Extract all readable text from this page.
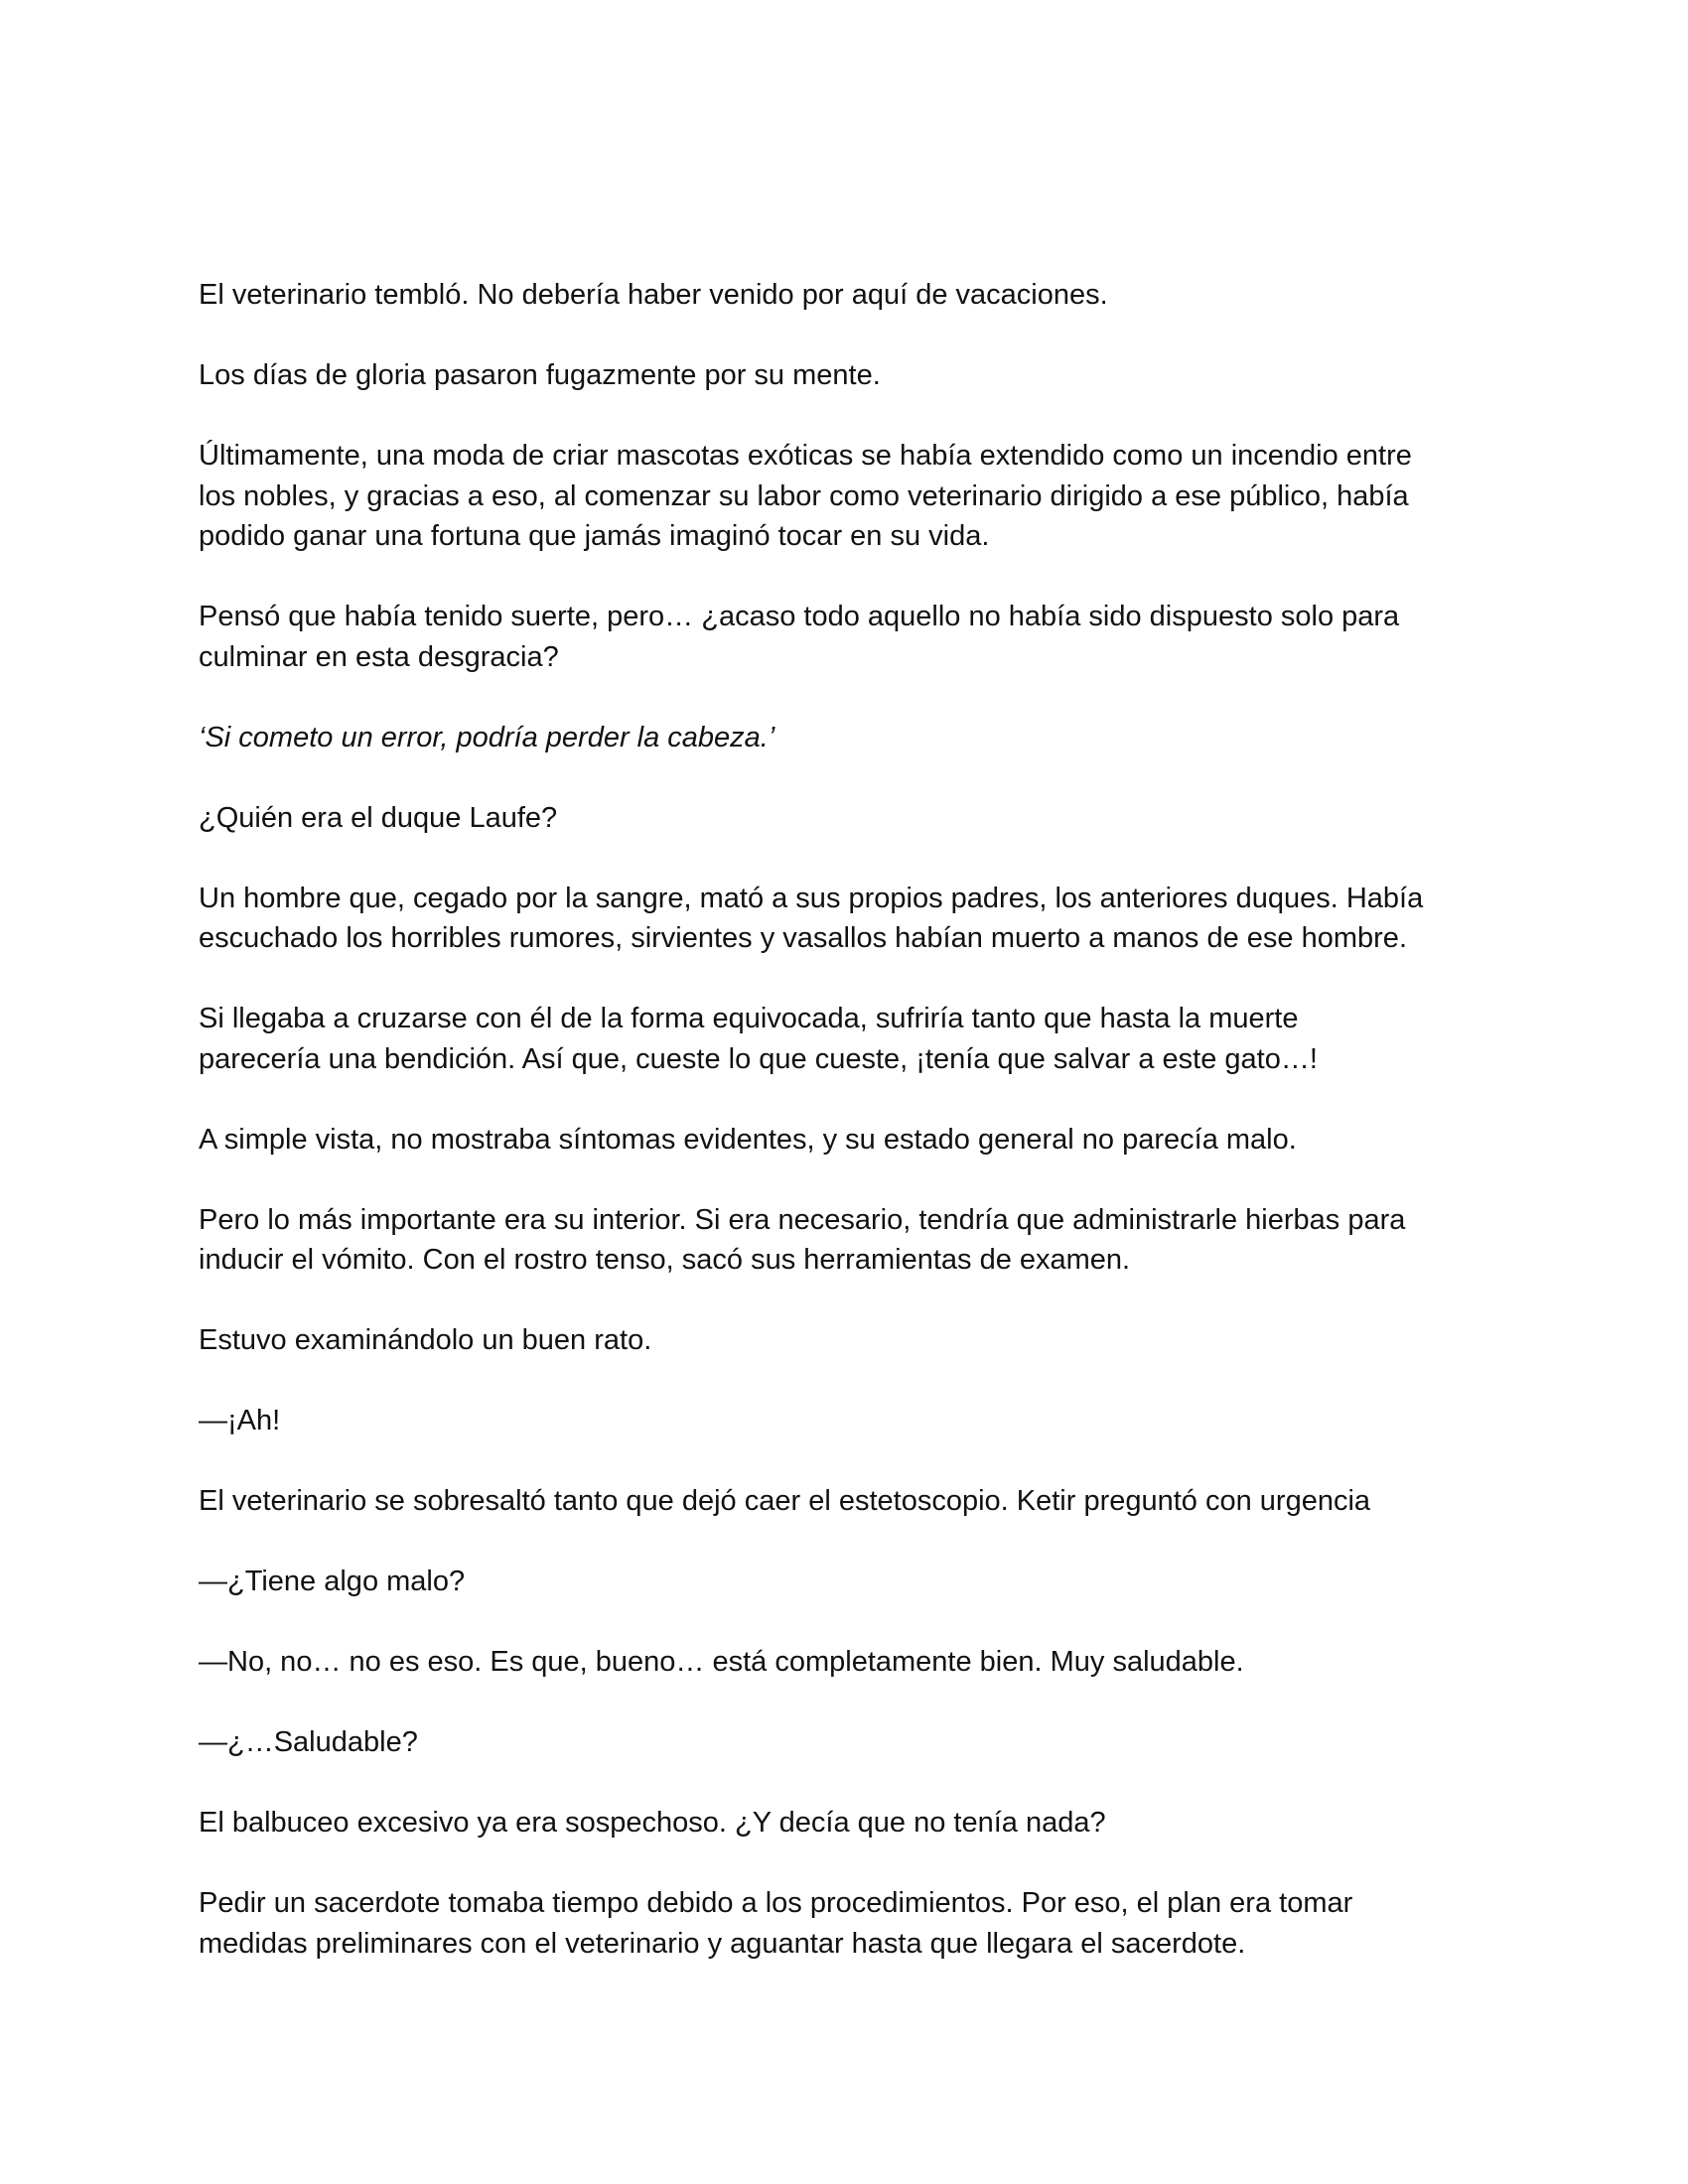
El veterinario tembló. No debería haber venido por aquí de vacaciones.

Los días de gloria pasaron fugazmente por su mente.

Últimamente, una moda de criar mascotas exóticas se había extendido como un incendio entre
los nobles, y gracias a eso, al comenzar su labor como veterinario dirigido a ese público, había
podido ganar una fortuna que jamás imaginó tocar en su vida.

Pensó que había tenido suerte, pero… ¿acaso todo aquello no había sido dispuesto solo para
culminar en esta desgracia?

‘Si cometo un error, podría perder la cabeza.’

¿Quién era el duque Laufe?

Un hombre que, cegado por la sangre, mató a sus propios padres, los anteriores duques. Había
escuchado los horribles rumores, sirvientes y vasallos habían muerto a manos de ese hombre.

Si llegaba a cruzarse con él de la forma equivocada, sufriría tanto que hasta la muerte
parecería una bendición. Así que, cueste lo que cueste, ¡tenía que salvar a este gato…!

A simple vista, no mostraba síntomas evidentes, y su estado general no parecía malo.

Pero lo más importante era su interior. Si era necesario, tendría que administrarle hierbas para
inducir el vómito. Con el rostro tenso, sacó sus herramientas de examen.

Estuvo examinándolo un buen rato.

—¡Ah!

El veterinario se sobresaltó tanto que dejó caer el estetoscopio. Ketir preguntó con urgencia

—¿Tiene algo malo?

—No, no… no es eso. Es que, bueno… está completamente bien. Muy saludable.

—¿…Saludable?

El balbuceo excesivo ya era sospechoso. ¿Y decía que no tenía nada?

Pedir un sacerdote tomaba tiempo debido a los procedimientos. Por eso, el plan era tomar
medidas preliminares con el veterinario y aguantar hasta que llegara el sacerdote.
